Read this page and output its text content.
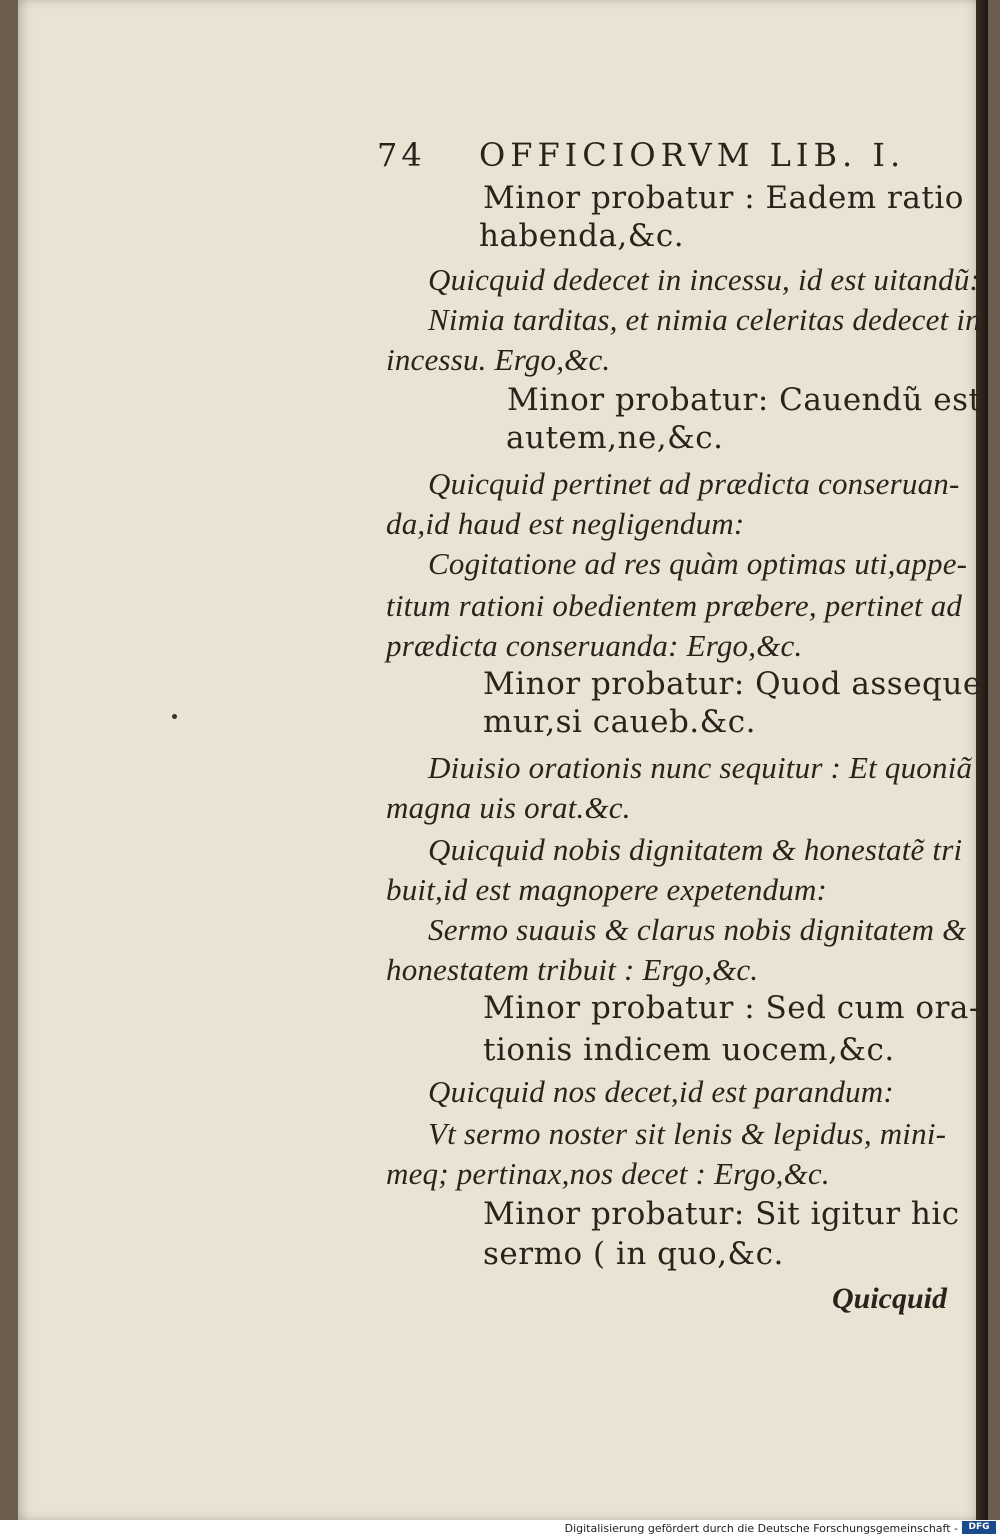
74 OFFICIORVM LIB. I.
Minor probatur : Eadem ratio
habenda,&c.
Quicquid dedecet in incessu, id est uitandũ:
Nimia tarditas, et nimia celeritas dedecet in
incessu. Ergo,&c.
Minor probatur: Cauendũ est
autem,ne,&c.
Quicquid pertinet ad prædicta conseruan-
da,id haud est negligendum:
Cogitatione ad res quàm optimas uti,appe-
titum rationi obedientem præbere, pertinet ad
prædicta conseruanda: Ergo,&c.
Minor probatur: Quod asseque
mur,si caueb.&c.
Diuisio orationis nunc sequitur : Et quoniã
magna uis orat.&c.
Quicquid nobis dignitatem & honestatẽ tri
buit,id est magnopere expetendum:
Sermo suauis & clarus nobis dignitatem &
honestatem tribuit : Ergo,&c.
Minor probatur : Sed cum ora-
tionis indicem uocem,&c.
Quicquid nos decet,id est parandum:
Vt sermo noster sit lenis & lepidus, mini-
meq; pertinax,nos decet : Ergo,&c.
Minor probatur: Sit igitur hic
sermo ( in quo,&c.
Quicquid
Digitalisierung gefördert durch die Deutsche Forschungsgemeinschaft -	DFG
